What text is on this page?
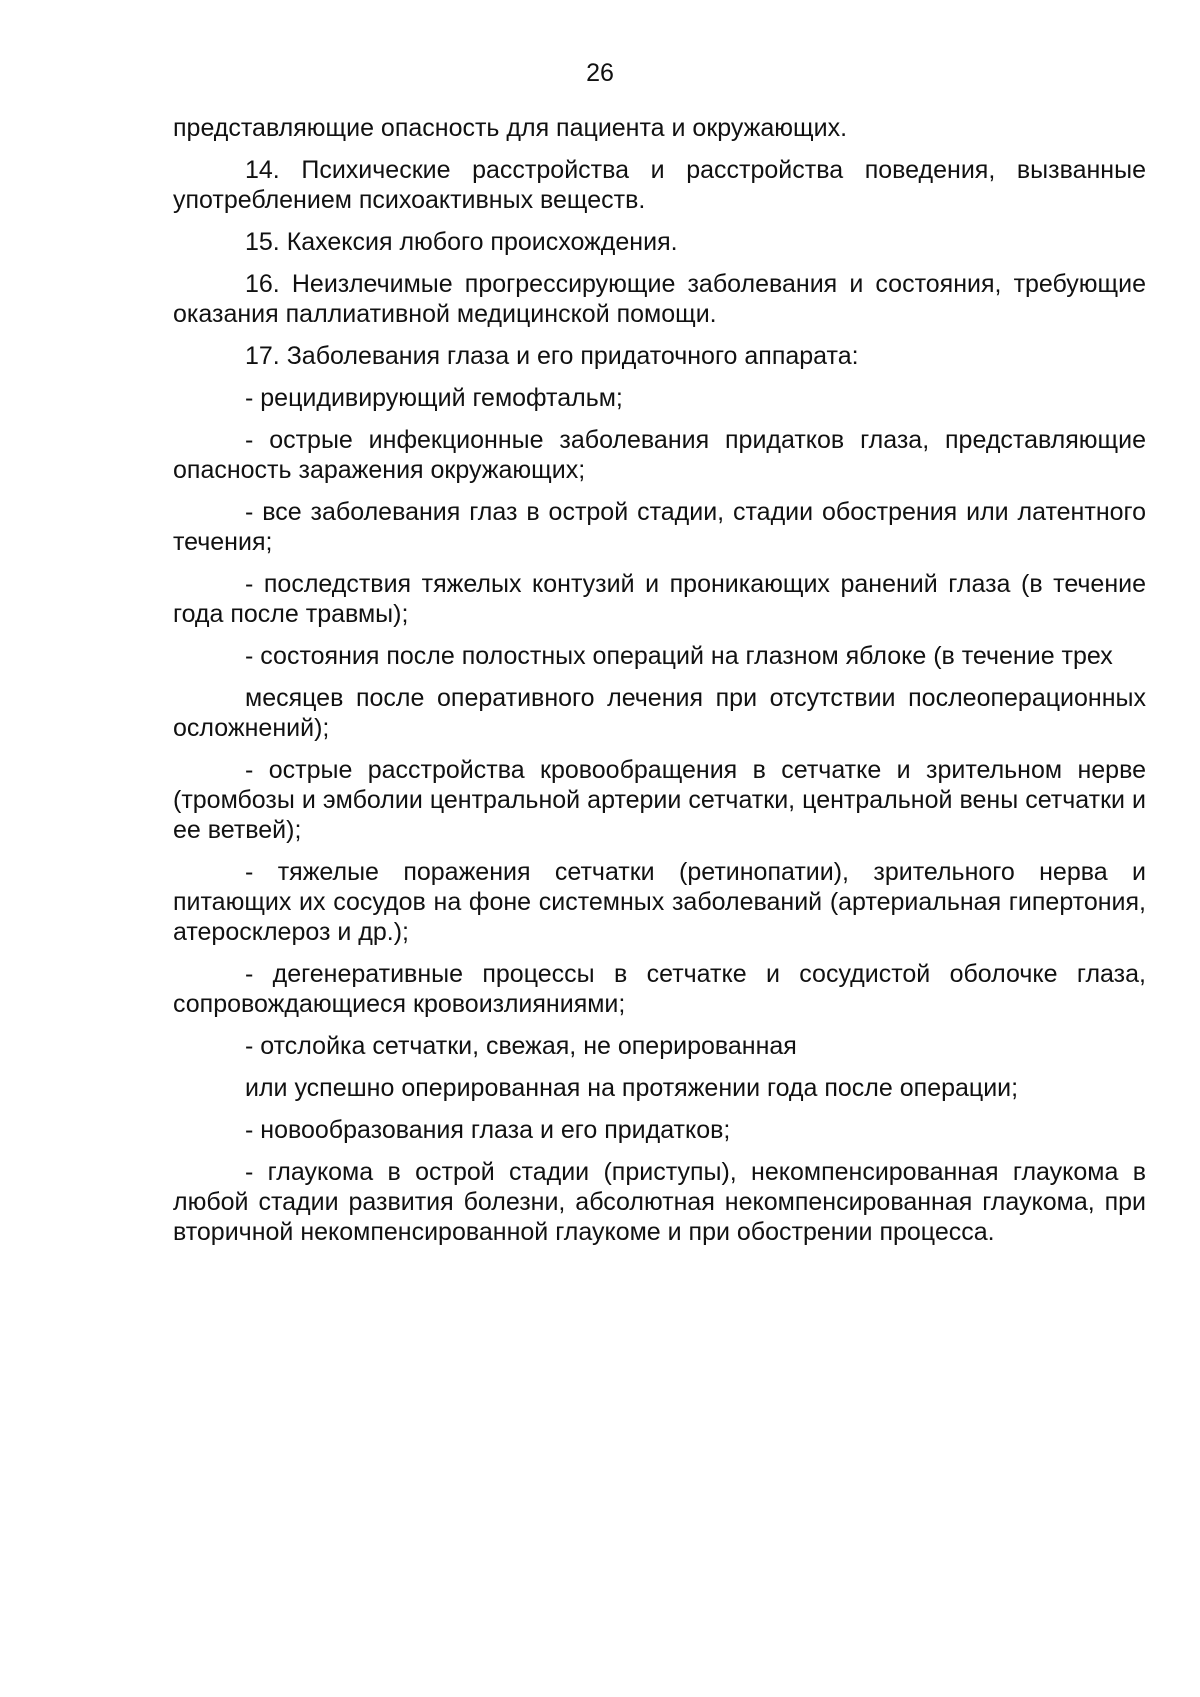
26

представляющие опасность для пациента и окружающих.

14. Психические расстройства и расстройства поведения, вызванные употреблением психоактивных веществ.

15. Кахексия любого происхождения.

16. Неизлечимые прогрессирующие заболевания и состояния, требующие оказания паллиативной медицинской помощи.

17. Заболевания глаза и его придаточного аппарата:

- рецидивирующий гемофтальм;

- острые инфекционные заболевания придатков глаза, представляющие опасность заражения окружающих;

- все заболевания глаз в острой стадии, стадии обострения или латентного течения;

- последствия тяжелых контузий и проникающих ранений глаза (в течение года после травмы);

- состояния после полостных операций на глазном яблоке (в течение трех

месяцев после оперативного лечения при отсутствии послеоперационных осложнений);

- острые расстройства кровообращения в сетчатке и зрительном нерве (тромбозы и эмболии центральной артерии сетчатки, центральной вены сетчатки и ее ветвей);

- тяжелые поражения сетчатки (ретинопатии), зрительного нерва и питающих их сосудов на фоне системных заболеваний (артериальная гипертония, атеросклероз и др.);

- дегенеративные процессы в сетчатке и сосудистой оболочке глаза, сопровождающиеся кровоизлияниями;

- отслойка сетчатки, свежая, не оперированная

или успешно оперированная на протяжении года после операции;

- новообразования глаза и его придатков;

- глаукома в острой стадии (приступы), некомпенсированная глаукома в любой стадии развития болезни, абсолютная некомпенсированная глаукома, при вторичной некомпенсированной глаукоме и при обострении процесса.
